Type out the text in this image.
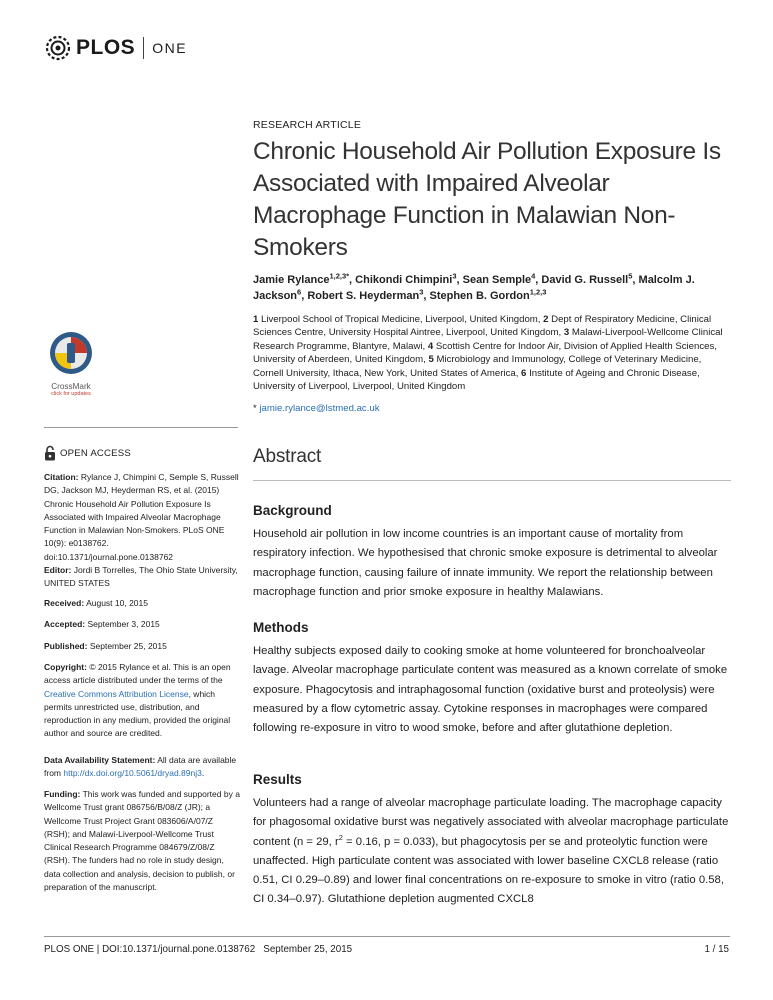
PLOS ONE
RESEARCH ARTICLE
Chronic Household Air Pollution Exposure Is Associated with Impaired Alveolar Macrophage Function in Malawian Non-Smokers
Jamie Rylance$^{1,2,3*}$, Chikondi Chimpini$^3$, Sean Semple$^4$, David G. Russell$^5$, Malcolm J. Jackson$^6$, Robert S. Heyderman$^3$, Stephen B. Gordon$^{1,2,3}$
1 Liverpool School of Tropical Medicine, Liverpool, United Kingdom, 2 Dept of Respiratory Medicine, Clinical Sciences Centre, University Hospital Aintree, Liverpool, United Kingdom, 3 Malawi-Liverpool-Wellcome Clinical Research Programme, Blantyre, Malawi, 4 Scottish Centre for Indoor Air, Division of Applied Health Sciences, University of Aberdeen, United Kingdom, 5 Microbiology and Immunology, College of Veterinary Medicine, Cornell University, Ithaca, New York, United States of America, 6 Institute of Ageing and Chronic Disease, University of Liverpool, Liverpool, United Kingdom
* jamie.rylance@lstmed.ac.uk
CrossMark
click for updates
OPEN ACCESS
Citation: Rylance J, Chimpini C, Semple S, Russell DG, Jackson MJ, Heyderman RS, et al. (2015) Chronic Household Air Pollution Exposure Is Associated with Impaired Alveolar Macrophage Function in Malawian Non-Smokers. PLoS ONE 10(9): e0138762. doi:10.1371/journal.pone.0138762
Editor: Jordi B Torrelles, The Ohio State University, UNITED STATES
Received: August 10, 2015
Accepted: September 3, 2015
Published: September 25, 2015
Copyright: © 2015 Rylance et al. This is an open access article distributed under the terms of the Creative Commons Attribution License, which permits unrestricted use, distribution, and reproduction in any medium, provided the original author and source are credited.
Data Availability Statement: All data are available from http://dx.doi.org/10.5061/dryad.89nj3.
Funding: This work was funded and supported by a Wellcome Trust grant 086756/B/08/Z (JR); a Wellcome Trust Project Grant 083606/A/07/Z (RSH); and Malawi-Liverpool-Wellcome Trust Clinical Research Programme 084679/Z/08/Z (RSH). The funders had no role in study design, data collection and analysis, decision to publish, or preparation of the manuscript.
Abstract
Background
Household air pollution in low income countries is an important cause of mortality from respiratory infection. We hypothesised that chronic smoke exposure is detrimental to alveolar macrophage function, causing failure of innate immunity. We report the relationship between macrophage function and prior smoke exposure in healthy Malawians.
Methods
Healthy subjects exposed daily to cooking smoke at home volunteered for bronchoalveolar lavage. Alveolar macrophage particulate content was measured as a known correlate of smoke exposure. Phagocytosis and intraphagosomal function (oxidative burst and proteolysis) were measured by a flow cytometric assay. Cytokine responses in macrophages were compared following re-exposure in vitro to wood smoke, before and after glutathione depletion.
Results
Volunteers had a range of alveolar macrophage particulate loading. The macrophage capacity for phagosomal oxidative burst was negatively associated with alveolar macrophage particulate content (n = 29, $r^2 = 0.16$, p = 0.033), but phagocytosis per se and proteolytic function were unaffected. High particulate content was associated with lower baseline CXCL8 release (ratio 0.51, CI 0.29–0.89) and lower final concentrations on re-exposure to smoke in vitro (ratio 0.58, CI 0.34–0.97). Glutathione depletion augmented CXCL8
PLOS ONE | DOI:10.1371/journal.pone.0138762   September 25, 2015	1 / 15
